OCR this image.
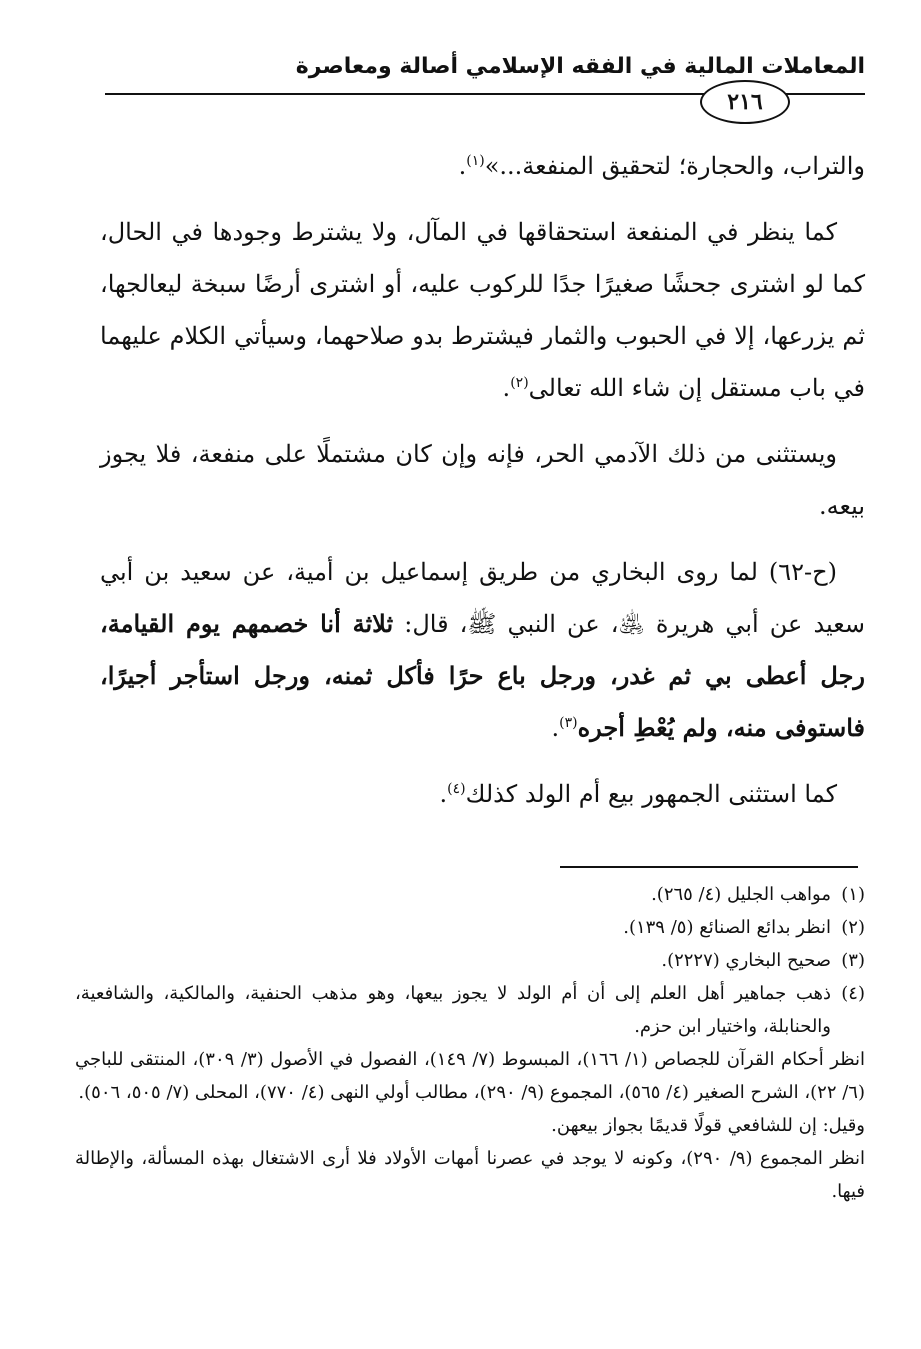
المعاملات المالية في الفقه الإسلامي أصالة ومعاصرة
٢١٦

والتراب، والحجارة؛ لتحقيق المنفعة...»$^{(١)}$.

كما ينظر في المنفعة استحقاقها في المآل، ولا يشترط وجودها في الحال، كما لو اشترى جحشًا صغيرًا جدًا للركوب عليه، أو اشترى أرضًا سبخة ليعالجها، ثم يزرعها، إلا في الحبوب والثمار فيشترط بدو صلاحهما، وسيأتي الكلام عليهما في باب مستقل إن شاء الله تعالى$^{(٢)}$.

ويستثنى من ذلك الآدمي الحر، فإنه وإن كان مشتملًا على منفعة، فلا يجوز بيعه.

(ح-٦٢) لما روى البخاري من طريق إسماعيل بن أمية، عن سعيد بن أبي سعيد عن أبي هريرة ﵁، عن النبي ﷺ، قال: ثلاثة أنا خصمهم يوم القيامة، رجل أعطى بي ثم غدر، ورجل باع حرًا فأكل ثمنه، ورجل استأجر أجيرًا، فاستوفى منه، ولم يُعْطِ أجره$^{(٣)}$.

كما استثنى الجمهور بيع أم الولد كذلك$^{(٤)}$.

(١)
مواهب الجليل (٤/ ٢٦٥).
(٢)
انظر بدائع الصنائع (٥/ ١٣٩).
(٣)
صحيح البخاري (٢٢٢٧).
(٤)
ذهب جماهير أهل العلم إلى أن أم الولد لا يجوز بيعها، وهو مذهب الحنفية، والمالكية، والشافعية، والحنابلة، واختيار ابن حزم.

انظر أحكام القرآن للجصاص (١/ ١٦٦)، المبسوط (٧/ ١٤٩)، الفصول في الأصول (٣/ ٣٠٩)، المنتقى للباجي (٦/ ٢٢)، الشرح الصغير (٤/ ٥٦٥)، المجموع (٩/ ٢٩٠)، مطالب أولي النهى (٤/ ٧٧٠)، المحلى (٧/ ٥٠٥، ٥٠٦).

وقيل: إن للشافعي قولًا قديمًا بجواز بيعهن.

انظر المجموع (٩/ ٢٩٠)، وكونه لا يوجد في عصرنا أمهات الأولاد فلا أرى الاشتغال بهذه المسألة، والإطالة فيها.
